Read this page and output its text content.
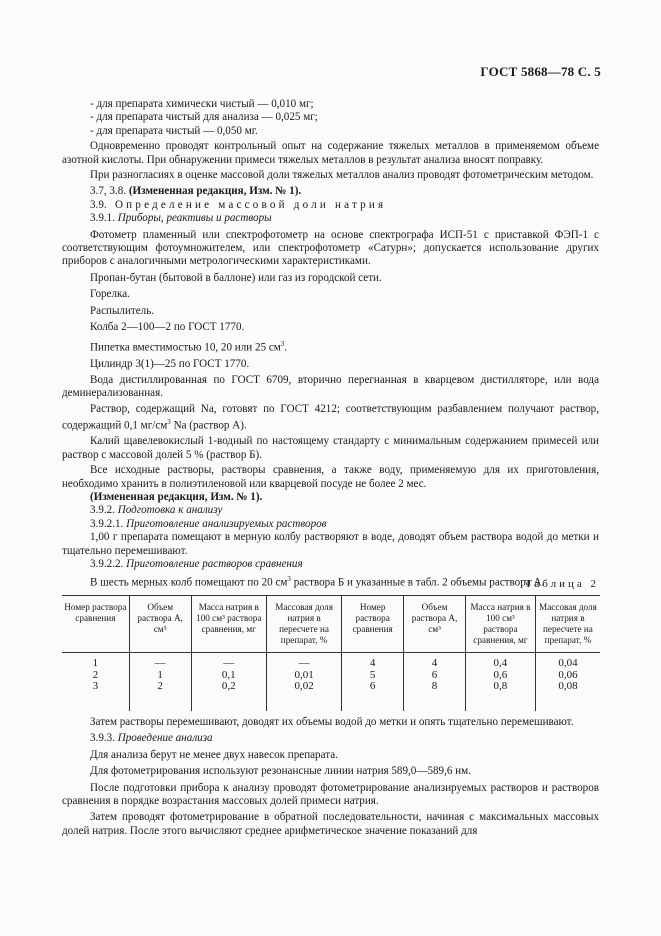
ГОСТ 5868—78 С. 5

- для препарата химически чистый — 0,010 мг;

- для препарата чистый для анализа — 0,025 мг;

- для препарата чистый — 0,050 мг.

Одновременно проводят контрольный опыт на содержание тяжелых металлов в применяемом объеме азотной кислоты. При обнаружении примеси тяжелых металлов в результат анализа вносят поправку.

При разногласиях в оценке массовой доли тяжелых металлов анализ проводят фотометрическим методом.

3.7, 3.8. (Измененная редакция, Изм. № 1).

3.9. Определение массовой доли натрия

3.9.1. Приборы, реактивы и растворы

Фотометр пламенный или спектрофотометр на основе спектрографа ИСП-51 с приставкой ФЭП-1 с соответствующим фотоумножителем, или спектрофотометр «Сатурн»; допускается использование других приборов с аналогичными метрологическими характеристиками.

Пропан-бутан (бытовой в баллоне) или газ из городской сети.

Горелка.

Распылитель.

Колба 2—100—2 по ГОСТ 1770.

Пипетка вместимостью 10, 20 или 25 $см^3$.

Цилиндр 3(1)—25 по ГОСТ 1770.

Вода дистиллированная по ГОСТ 6709, вторично перегнанная в кварцевом дистилляторе, или вода деминерализованная.

Раствор, содержащий Na, готовят по ГОСТ 4212; соответствующим разбавлением получают раствор, содержащий 0,1 $мг/см^3$ Na (раствор А).

Калий щавелевокислый 1-водный по настоящему стандарту с минимальным содержанием примесей или раствор с массовой долей 5 % (раствор Б).

Все исходные растворы, растворы сравнения, а также воду, применяемую для их приготовления, необходимо хранить в полиэтиленовой или кварцевой посуде не более 2 мес.

(Измененная редакция, Изм. № 1).

3.9.2. Подготовка к анализу

3.9.2.1. Приготовление анализируемых растворов

1,00 г препарата помещают в мерную колбу растворяют в воде, доводят объем раствора водой до метки и тщательно перемешивают.

3.9.2.2. Приготовление растворов сравнения

В шесть мерных колб помещают по 20 $см^3$ раствора Б и указанные в табл. 2 объемы раствора А.

Таблица 2
Номер раствора сравнения	Объем раствора А, см³	Масса натрия в 100 см³ раствора сравнения, мг	Массовая доля натрия в пересчете на препарат, %	Номер раствора сравнения	Объем раствора А, см³	Масса натрия в 100 см³ раствора сравнения, мг	Массовая доля натрия в пересчете на препарат, %
1	—	—	—	4	4	0,4	0,04
2	1	0,1	0,01	5	6	0,6	0,06
3	2	0,2	0,02	6	8	0,8	0,08

Затем растворы перемешивают, доводят их объемы водой до метки и опять тщательно перемешивают.

3.9.3. Проведение анализа

Для анализа берут не менее двух навесок препарата.

Для фотометрирования используют резонансные линии натрия 589,0—589,6 нм.

После подготовки прибора к анализу проводят фотометрирование анализируемых растворов и растворов сравнения в порядке возрастания массовых долей примеси натрия.

Затем проводят фотометрирование в обратной последовательности, начиная с максимальных массовых долей натрия. После этого вычисляют среднее арифметическое значение показаний для
